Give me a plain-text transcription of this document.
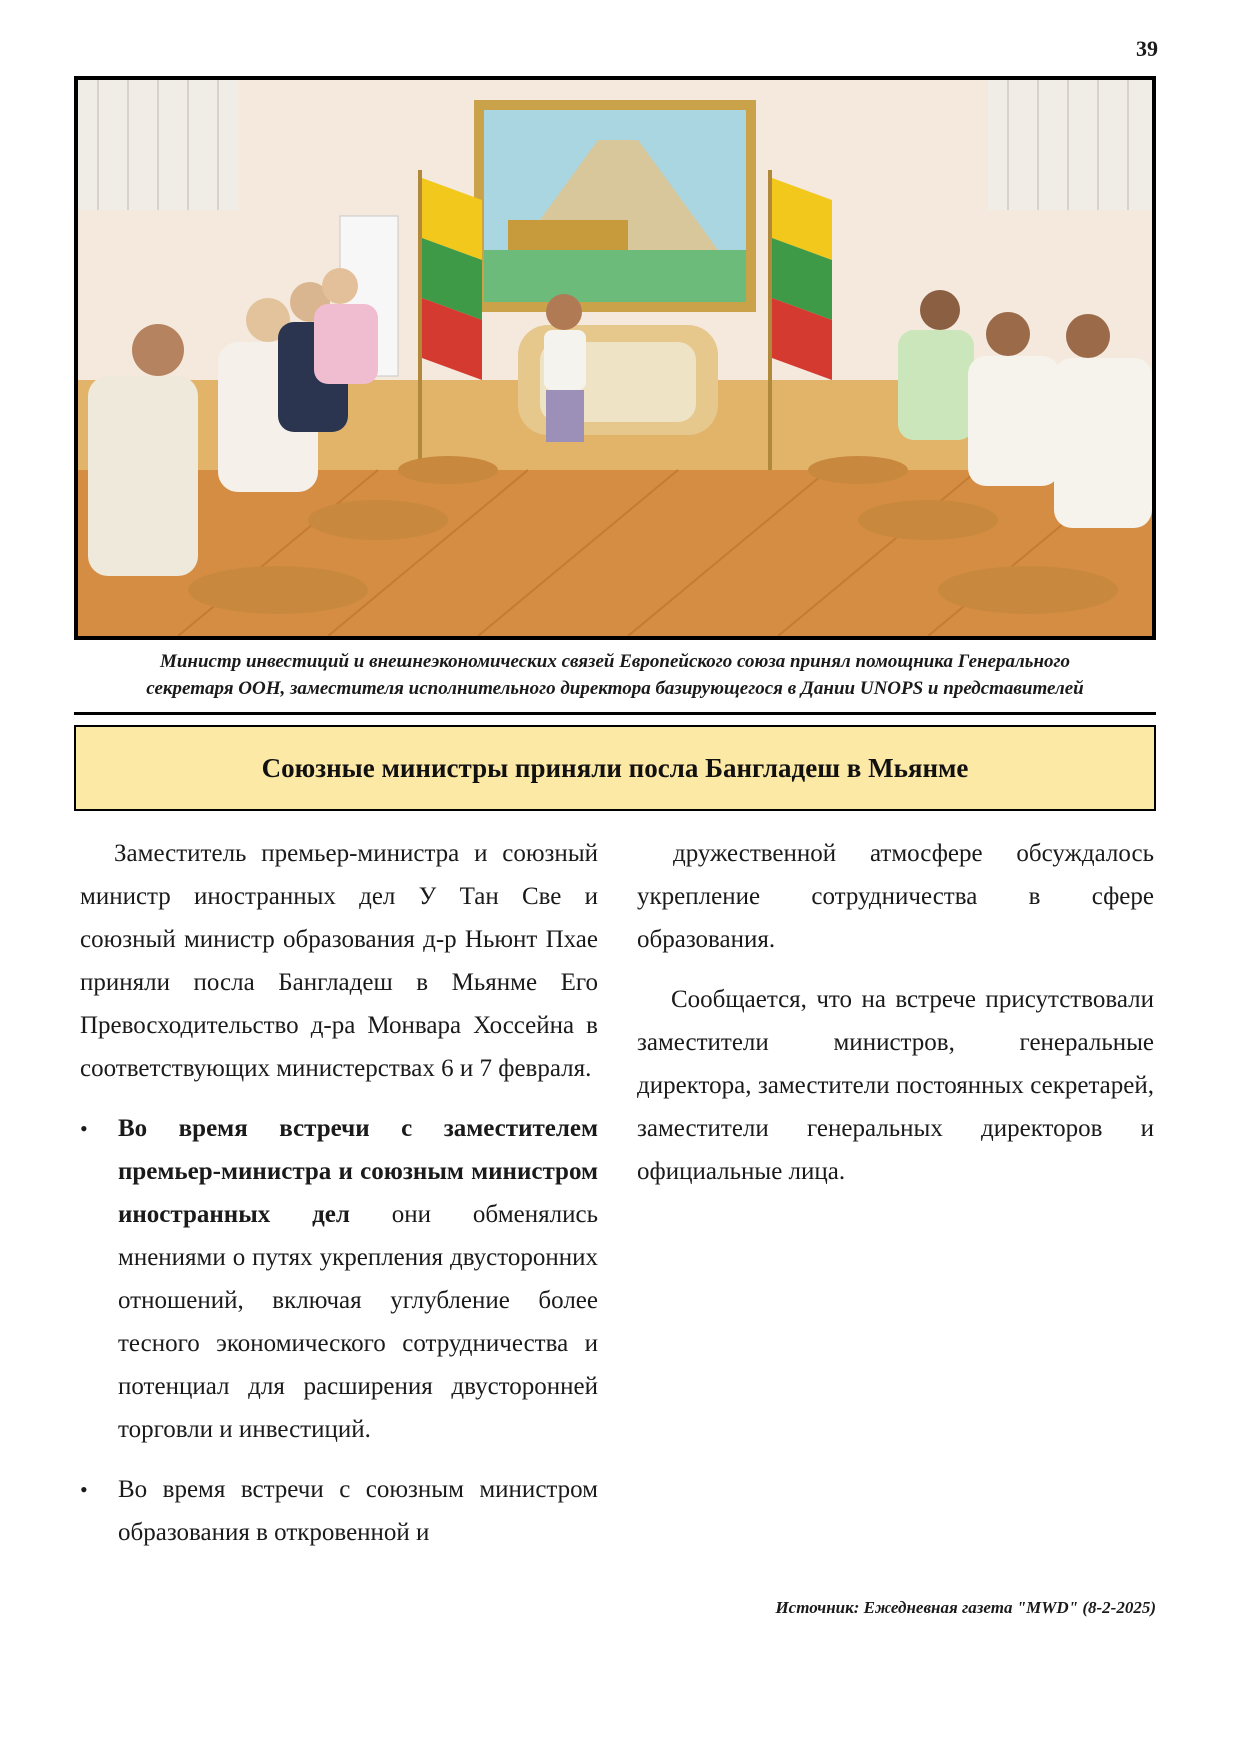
39
Министр инвестиций и внешнеэкономических связей Европейского союза принял помощника Генерального
секретаря ООН, заместителя исполнительного директора базирующегося в Дании UNOPS и представителей
Союзные министры приняли посла Бангладеш в Мьянме

Заместитель премьер-министра и союзный министр иностранных дел У Тан Све и союзный министр образования д-р Ньюнт Пхае приняли посла Бангладеш в Мьянме Его Превосходительство д-ра Монвара Хоссейна в соответствующих министерствах 6 и 7 февраля.

• Во время встречи с заместителем премьер-министра и союзным министром иностранных дел они обменялись мнениями о путях укрепления двусторонних отношений, включая углубление более тесного экономического сотрудничества и потенциал для расширения двусторонней торговли и инвестиций.
• Во время встречи с союзным министром образования в откровенной и

дружественной атмосфере обсуждалось укрепление сотрудничества в сфере образования.

Сообщается, что на встрече присутствовали заместители министров, генеральные директора, заместители постоянных секретарей, заместители генеральных директоров и официальные лица.

Источник: Ежедневная газета "MWD" (8-2-2025)
